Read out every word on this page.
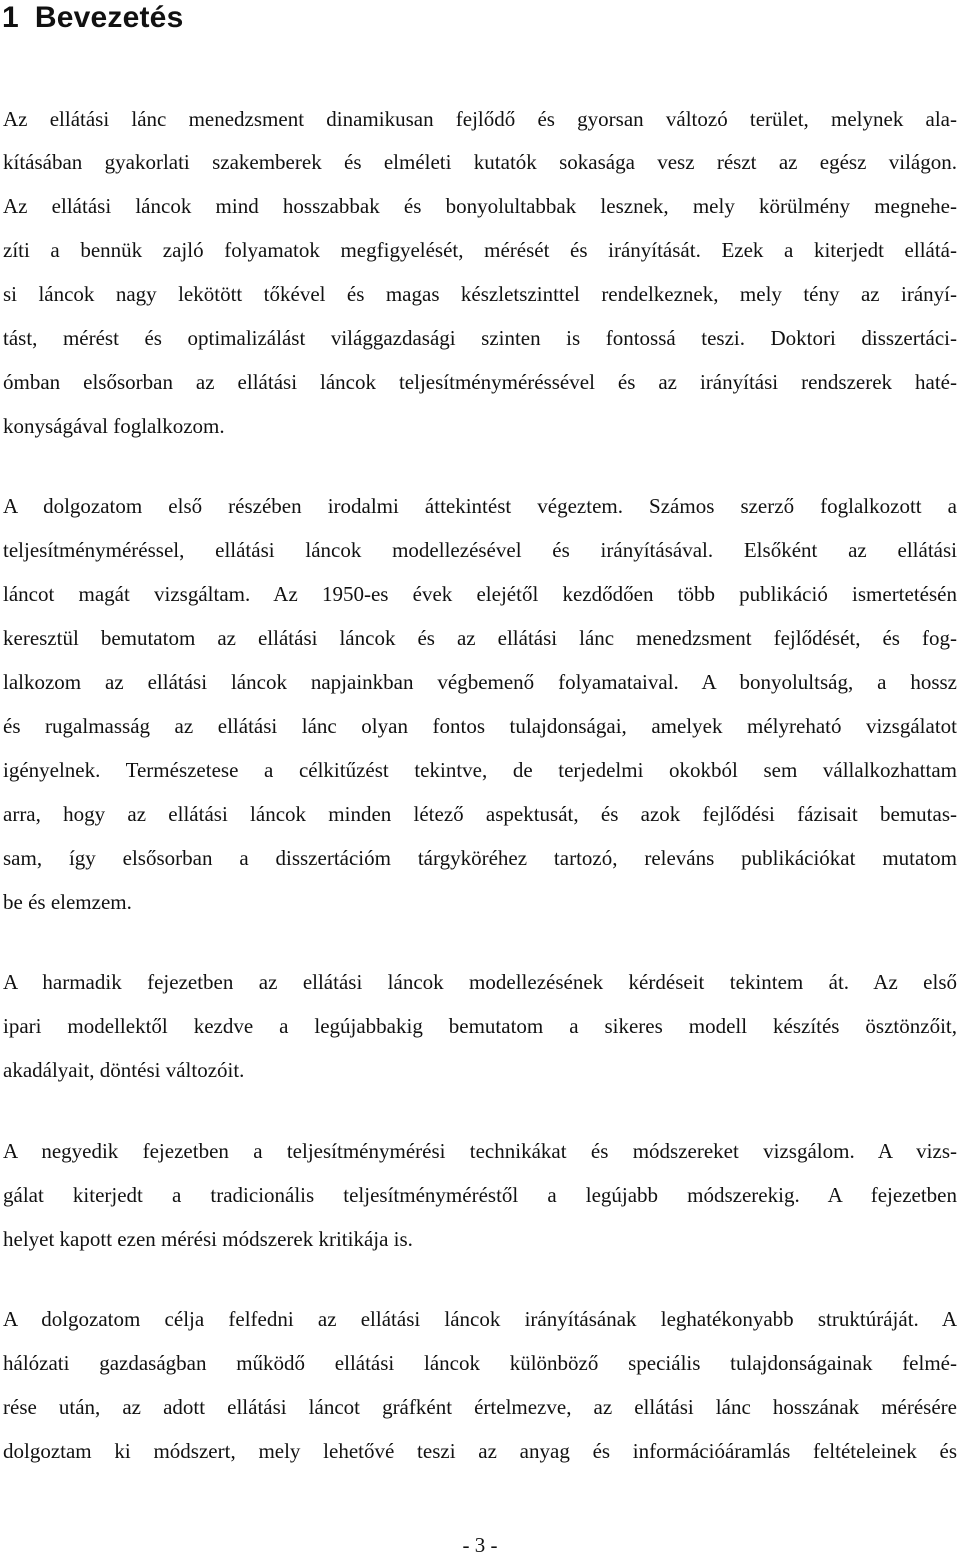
1 Bevezetés
Az ellátási lánc menedzsment dinamikusan fejlődő és gyorsan változó terület, melynek ala-
kításában gyakorlati szakemberek és elméleti kutatók sokasága vesz részt az egész világon.
Az ellátási láncok mind hosszabbak és bonyolultabbak lesznek, mely körülmény megnehe-
zíti a bennük zajló folyamatok megfigyelését, mérését és irányítását. Ezek a kiterjedt ellátá-
si láncok nagy lekötött tőkével és magas készletszinttel rendelkeznek, mely tény az irányí-
tást, mérést és optimalizálást világgazdasági szinten is fontossá teszi. Doktori disszertáci-
ómban elsősorban az ellátási láncok teljesítményméréssével és az irányítási rendszerek haté-
konyságával foglalkozom.
A dolgozatom első részében irodalmi áttekintést végeztem. Számos szerző foglalkozott a
teljesítményméréssel, ellátási láncok modellezésével és irányításával. Elsőként az ellátási
láncot magát vizsgáltam. Az 1950-es évek elejétől kezdődően több publikáció ismertetésén
keresztül bemutatom az ellátási láncok és az ellátási lánc menedzsment fejlődését, és fog-
lalkozom az ellátási láncok napjainkban végbemenő folyamataival. A bonyolultság, a hossz
és rugalmasság az ellátási lánc olyan fontos tulajdonságai, amelyek mélyreható vizsgálatot
igényelnek. Természetese a célkitűzést tekintve, de terjedelmi okokból sem vállalkozhattam
arra, hogy az ellátási láncok minden létező aspektusát, és azok fejlődési fázisait bemutas-
sam, így elsősorban a disszertációm tárgyköréhez tartozó, releváns publikációkat mutatom
be és elemzem.
A harmadik fejezetben az ellátási láncok modellezésének kérdéseit tekintem át. Az első
ipari modellektől kezdve a legújabbakig bemutatom a sikeres modell készítés ösztönzőit,
akadályait, döntési változóit.
A negyedik fejezetben a teljesítménymérési technikákat és módszereket vizsgálom. A vizs-
gálat kiterjedt a tradicionális teljesítményméréstől a legújabb módszerekig. A fejezetben
helyet kapott ezen mérési módszerek kritikája is.
A dolgozatom célja felfedni az ellátási láncok irányításának leghatékonyabb struktúráját. A
hálózati gazdaságban működő ellátási láncok különböző speciális tulajdonságainak felmé-
rése után, az adott ellátási láncot gráfként értelmezve, az ellátási lánc hosszának mérésére
dolgoztam ki módszert, mely lehetővé teszi az anyag és információáramlás feltételeinek és
- 3 -
